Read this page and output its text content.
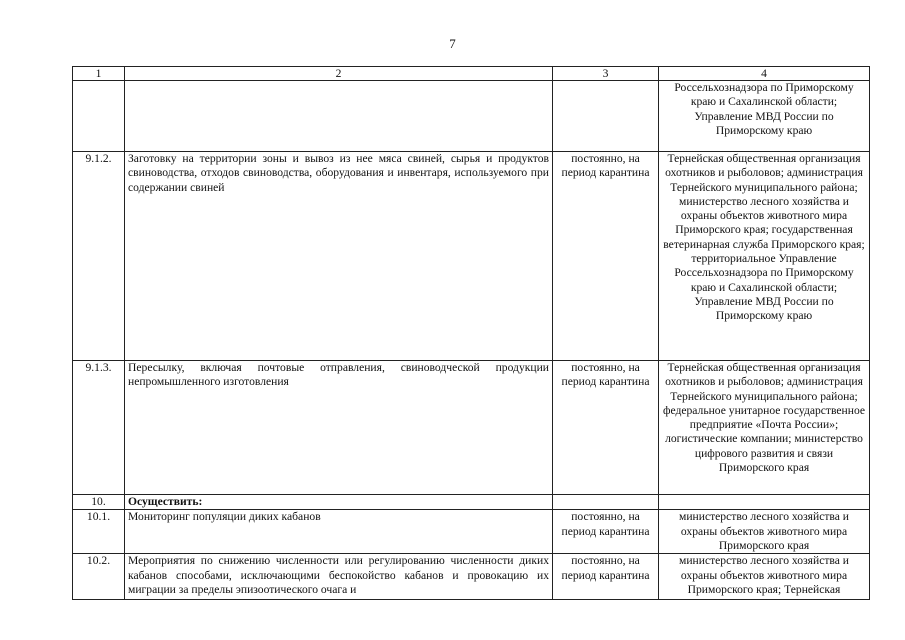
7
1	2	3	4
			Россельхознадзора по Приморскому краю и Сахалинской области; Управление МВД России по Приморскому краю
9.1.2.	Заготовку на территории зоны и вывоз из нее мяса свиней, сырья и продуктов свиноводства, отходов свиноводства, оборудования и инвентаря, используемого при содержании свиней	постоянно, на период карантина	Тернейская общественная организация охотников и рыболовов; администрация Тернейского муниципального района; министерство лесного хозяйства и охраны объектов животного мира Приморского края; государственная ветеринарная служба Приморского края; территориальное Управление Россельхознадзора по Приморскому краю и Сахалинской области; Управление МВД России по Приморскому краю
9.1.3.	Пересылку, включая почтовые отправления, свиноводческой продукции непромышленного изготовления	постоянно, на период карантина	Тернейская общественная организация охотников и рыболовов; администрация Тернейского муниципального района; федеральное унитарное государственное предприятие «Почта России»; логистические компании; министерство цифрового развития и связи Приморского края
10.	Осуществить:		
10.1.	Мониторинг популяции диких кабанов	постоянно, на период карантина	министерство лесного хозяйства и охраны объектов животного мира Приморского края
10.2.	Мероприятия по снижению численности или регулированию численности диких кабанов способами, исключающими беспокойство кабанов и провокацию их миграции за пределы эпизоотического очага и	постоянно, на период карантина	министерство лесного хозяйства и охраны объектов животного мира Приморского края; Тернейская
